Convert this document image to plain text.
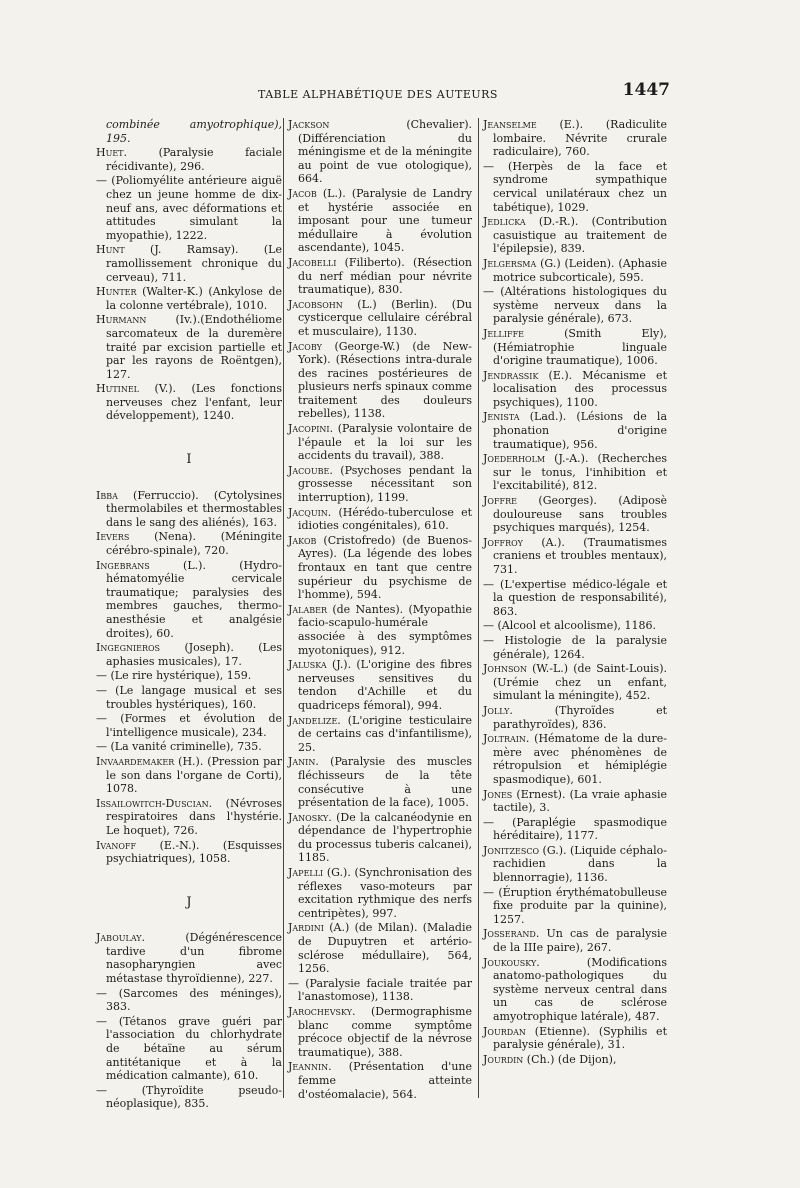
TABLE ALPHABÉTIQUE DES AUTEURS	1447

combinée amyotrophique), 195.

Huet. (Paralysie faciale récidivante), 296.

— (Poliomyélite antérieure aiguë chez un jeune homme de dix-neuf ans, avec déformations et attitudes simulant la myopathie), 1222.

Hunt (J. Ramsay). (Le ramollissement chronique du cerveau), 711.

Hunter (Walter-K.) (Ankylose de la colonne vertébrale), 1010.

Hurmann (Iv.).(Endothéliome sarcomateux de la duremère traité par excision partielle et par les rayons de Roëntgen), 127.

Hutinel (V.). (Les fonctions nerveuses chez l'enfant, leur développement), 1240.

I

Ibba (Ferruccio). (Cytolysines thermolabiles et thermostables dans le sang des aliénés), 163.

Ievers (Nena). (Méningite cérébro-spinale), 720.

Ingebrans (L.). (Hydro-hématomyélie cervicale traumatique; paralysies des membres gauches, thermo-anesthésie et analgésie droites), 60.

Ingegnieros (Joseph). (Les aphasies musicales), 17.

— (Le rire hystérique), 159.

— (Le langage musical et ses troubles hystériques), 160.

— (Formes et évolution de l'intelligence musicale), 234.

— (La vanité criminelle), 735.

Invaardemaker (H.). (Pression par le son dans l'organe de Corti), 1078.

Issailowitch-Duscian. (Névroses respiratoires dans l'hystérie. Le hoquet), 726.

Ivanoff (E.-N.). (Esquisses psychiatriques), 1058.

J

Jaboulay. (Dégénérescence tardive d'un fibrome nasopharyngien avec métastase thyroïdienne), 227.

— (Sarcomes des méninges), 383.

— (Tétanos grave guéri par l'association du chlorhydrate de bétaïne au sérum antitétanique et à la médication calmante), 610.

— (Thyroïdite pseudo-néoplasique), 835.

Jackson (Chevalier). (Différenciation du méningisme et de la méningite au point de vue otologique), 664.

Jacob (L.). (Paralysie de Landry et hystérie associée en imposant pour une tumeur médullaire à évolution ascendante), 1045.

Jacobelli (Filiberto). (Résection du nerf médian pour névrite traumatique), 830.

Jacobsohn (L.) (Berlin). (Du cysticerque cellulaire cérébral et musculaire), 1130.

Jacoby (George-W.) (de New-York). (Résections intra-durale des racines postérieures de plusieurs nerfs spinaux comme traitement des douleurs rebelles), 1138.

Jacopini. (Paralysie volontaire de l'épaule et la loi sur les accidents du travail), 388.

Jacoube. (Psychoses pendant la grossesse nécessitant son interruption), 1199.

Jacquin. (Hérédo-tuberculose et idioties congénitales), 610.

Jakob (Cristofredo) (de Buenos-Ayres). (La légende des lobes frontaux en tant que centre supérieur du psychisme de l'homme), 594.

Jalaber (de Nantes). (Myopathie facio-scapulo-humérale associée à des symptômes myotoniques), 912.

Jaluska (J.). (L'origine des fibres nerveuses sensitives du tendon d'Achille et du quadriceps fémoral), 994.

Jandelize. (L'origine testiculaire de certains cas d'infantilisme), 25.

Janin. (Paralysie des muscles fléchisseurs de la tête consécutive à une présentation de la face), 1005.

Janosky. (De la calcanéodynie en dépendance de l'hypertrophie du processus tuberis calcanei), 1185.

Japelli (G.). (Synchronisation des réflexes vaso-moteurs par excitation rythmique des nerfs centripètes), 997.

Jardini (A.) (de Milan). (Maladie de Dupuytren et artério-sclérose médullaire), 564, 1256.

— (Paralysie faciale traitée par l'anastomose), 1138.

Jarochevsky. (Dermographisme blanc comme symptôme précoce objectif de la névrose traumatique), 388.

Jeannin. (Présentation d'une femme atteinte d'ostéomalacie), 564.

Jeanselme (E.). (Radiculite lombaire. Névrite crurale radiculaire), 760.

— (Herpès de la face et syndrome sympathique cervical unilatéraux chez un tabétique), 1029.

Jedlicka (D.-R.). (Contribution casuistique au traitement de l'épilepsie), 839.

Jelgersma (G.) (Leiden). (Aphasie motrice subcorticale), 595.

— (Altérations histologiques du système nerveux dans la paralysie générale), 673.

Jelliffe (Smith Ely), (Hémiatrophie linguale d'origine traumatique), 1006.

Jendrassik (E.). Mécanisme et localisation des processus psychiques), 1100.

Jenista (Lad.). (Lésions de la phonation d'origine traumatique), 956.

Joederholm (J.-A.). (Recherches sur le tonus, l'inhibition et l'excitabilité), 812.

Joffre (Georges). (Adiposè douloureuse sans troubles psychiques marqués), 1254.

Joffroy (A.). (Traumatismes craniens et troubles mentaux), 731.

— (L'expertise médico-légale et la question de responsabilité), 863.

— (Alcool et alcoolisme), 1186.

— Histologie de la paralysie générale), 1264.

Johnson (W.-L.) (de Saint-Louis). (Urémie chez un enfant, simulant la méningite), 452.

Jolly. (Thyroïdes et parathyroïdes), 836.

Joltrain. (Hématome de la dure-mère avec phénomènes de rétropulsion et hémiplégie spasmodique), 601.

Jones (Ernest). (La vraie aphasie tactile), 3.

— (Paraplégie spasmodique héréditaire), 1177.

Jonitzesco (G.). (Liquide céphalo-rachidien dans la blennorragie), 1136.

— (Éruption érythématobulleuse fixe produite par la quinine), 1257.

Josserand. Un cas de paralysie de la IIIe paire), 267.

Joukousky. (Modifications anatomo-pathologiques du système nerveux central dans un cas de sclérose amyotrophique latérale), 487.

Jourdan (Etienne). (Syphilis et paralysie générale), 31.

Jourdin (Ch.) (de Dijon),
